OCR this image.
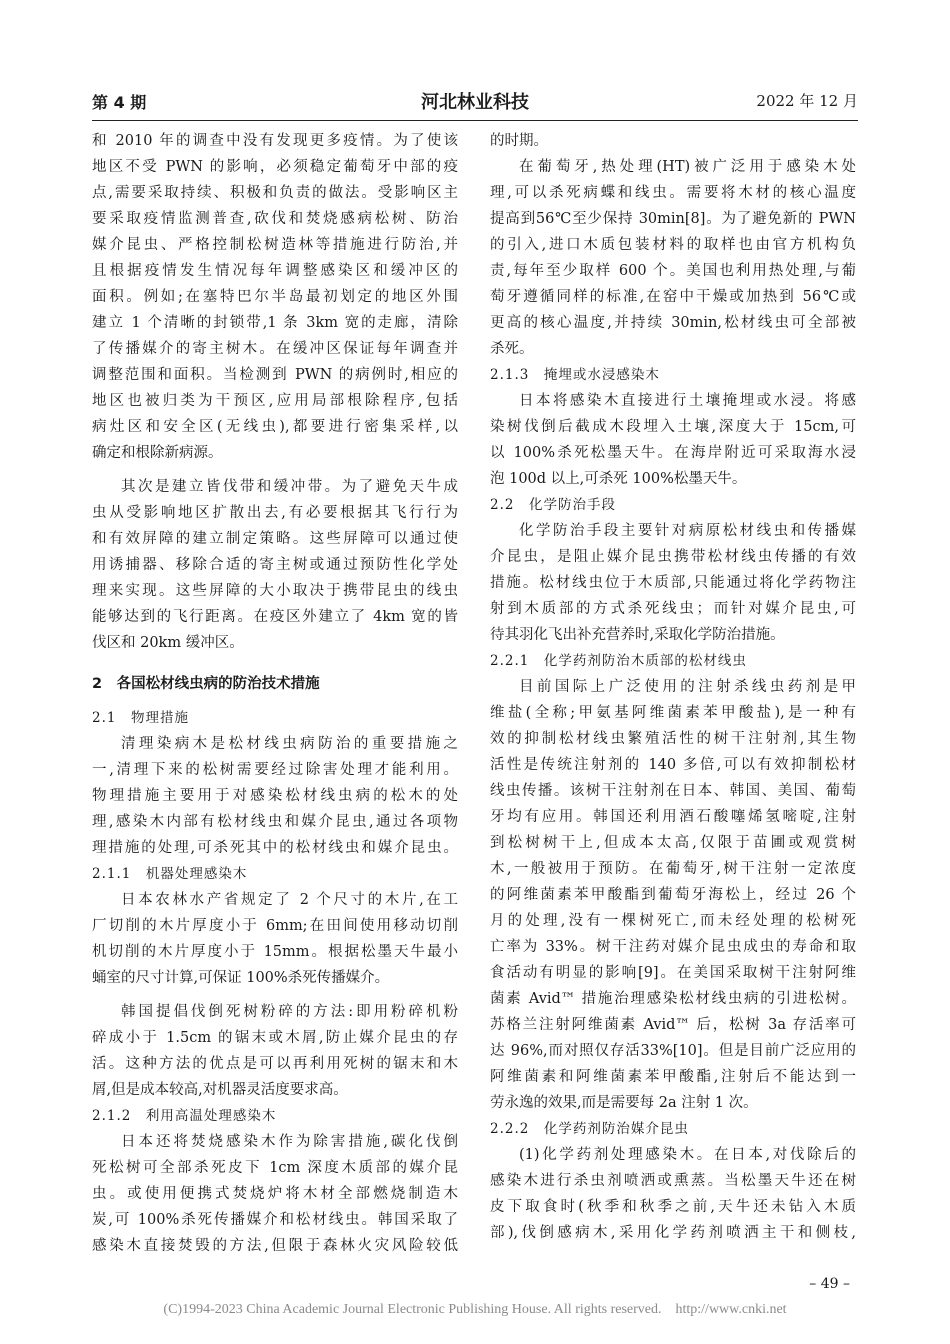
第 4 期	河北林业科技	2022 年 12 月
和 2010 年的调查中没有发现更多疫情。为了使该
地区不受 PWN 的影响，必须稳定葡萄牙中部的疫
点,需要采取持续、积极和负责的做法。受影响区主
要采取疫情监测普查,砍伐和焚烧感病松树、防治
媒介昆虫、严格控制松树造林等措施进行防治,并
且根据疫情发生情况每年调整感染区和缓冲区的
面积。例如;在塞特巴尔半岛最初划定的地区外围
建立 1 个清晰的封锁带,1 条 3km 宽的走廊，清除
了传播媒介的寄主树木。在缓冲区保证每年调查并
调整范围和面积。当检测到 PWN 的病例时,相应的
地区也被归类为干预区,应用局部根除程序,包括
病灶区和安全区(无线虫),都要进行密集采样,以
确定和根除新病源。
其次是建立皆伐带和缓冲带。为了避免天牛成
虫从受影响地区扩散出去,有必要根据其飞行行为
和有效屏障的建立制定策略。这些屏障可以通过使
用诱捕器、移除合适的寄主树或通过预防性化学处
理来实现。这些屏障的大小取决于携带昆虫的线虫
能够达到的飞行距离。在疫区外建立了 4km 宽的皆
伐区和 20km 缓冲区。
2　各国松材线虫病的防治技术措施
2.1　物理措施
清理染病木是松材线虫病防治的重要措施之
一,清理下来的松树需要经过除害处理才能利用。
物理措施主要用于对感染松材线虫病的松木的处
理,感染木内部有松材线虫和媒介昆虫,通过各项物
理措施的处理,可杀死其中的松材线虫和媒介昆虫。
2.1.1　机器处理感染木
日本农林水产省规定了 2 个尺寸的木片,在工
厂切削的木片厚度小于 6mm;在田间使用移动切削
机切削的木片厚度小于 15mm。根据松墨天牛最小
蛹室的尺寸计算,可保证 100%杀死传播媒介。
韩国提倡伐倒死树粉碎的方法:即用粉碎机粉
碎成小于 1.5cm 的锯末或木屑,防止媒介昆虫的存
活。这种方法的优点是可以再利用死树的锯末和木
屑,但是成本较高,对机器灵活度要求高。
2.1.2　利用高温处理感染木
日本还将焚烧感染木作为除害措施,碳化伐倒
死松树可全部杀死皮下 1cm 深度木质部的媒介昆
虫。或使用便携式焚烧炉将木材全部燃烧制造木
炭,可 100%杀死传播媒介和松材线虫。韩国采取了
感染木直接焚毁的方法,但限于森林火灾风险较低
的时期。
在葡萄牙,热处理(HT)被广泛用于感染木处
理,可以杀死病蝶和线虫。需要将木材的核心温度
提高到56℃至少保持 30min[8]。为了避免新的 PWN
的引入,进口木质包装材料的取样也由官方机构负
责,每年至少取样 600 个。美国也利用热处理,与葡
萄牙遵循同样的标准,在窑中干燥或加热到 56℃或
更高的核心温度,并持续 30min,松材线虫可全部被
杀死。
2.1.3　掩埋或水浸感染木
日本将感染木直接进行土壤掩埋或水浸。将感
染树伐倒后截成木段埋入土壤,深度大于 15cm,可
以 100%杀死松墨天牛。在海岸附近可采取海水浸
泡 100d 以上,可杀死 100%松墨天牛。
2.2　化学防治手段
化学防治手段主要针对病原松材线虫和传播媒
介昆虫，是阻止媒介昆虫携带松材线虫传播的有效
措施。松材线虫位于木质部,只能通过将化学药物注
射到木质部的方式杀死线虫；而针对媒介昆虫,可
待其羽化飞出补充营养时,采取化学防治措施。
2.2.1　化学药剂防治木质部的松材线虫
目前国际上广泛使用的注射杀线虫药剂是甲
维盐(全称;甲氨基阿维菌素苯甲酸盐),是一种有
效的抑制松材线虫繁殖活性的树干注射剂,其生物
活性是传统注射剂的 140 多倍,可以有效抑制松材
线虫传播。该树干注射剂在日本、韩国、美国、葡萄
牙均有应用。韩国还利用酒石酸噻烯氢嘧啶,注射
到松树树干上,但成本太高,仅限于苗圃或观赏树
木,一般被用于预防。在葡萄牙,树干注射一定浓度
的阿维菌素苯甲酸酯到葡萄牙海松上，经过 26 个
月的处理,没有一棵树死亡,而未经处理的松树死
亡率为 33%。树干注药对媒介昆虫成虫的寿命和取
食活动有明显的影响[9]。在美国采取树干注射阿维
菌素 Avid™ 措施治理感染松材线虫病的引进松树。
苏格兰注射阿维菌素 Avid™ 后，松树 3a 存活率可
达 96%,而对照仅存活33%[10]。但是目前广泛应用的
阿维菌素和阿维菌素苯甲酸酯,注射后不能达到一
劳永逸的效果,而是需要每 2a 注射 1 次。
2.2.2　化学药剂防治媒介昆虫
(1)化学药剂处理感染木。在日本,对伐除后的
感染木进行杀虫剂喷洒或熏蒸。当松墨天牛还在树
皮下取食时(秋季和秋季之前,天牛还未钻入木质
部),伐倒感病木,采用化学药剂喷洒主干和侧枝,
– 49 –
(C)1994-2023 China Academic Journal Electronic Publishing House. All rights reserved.　http://www.cnki.net
